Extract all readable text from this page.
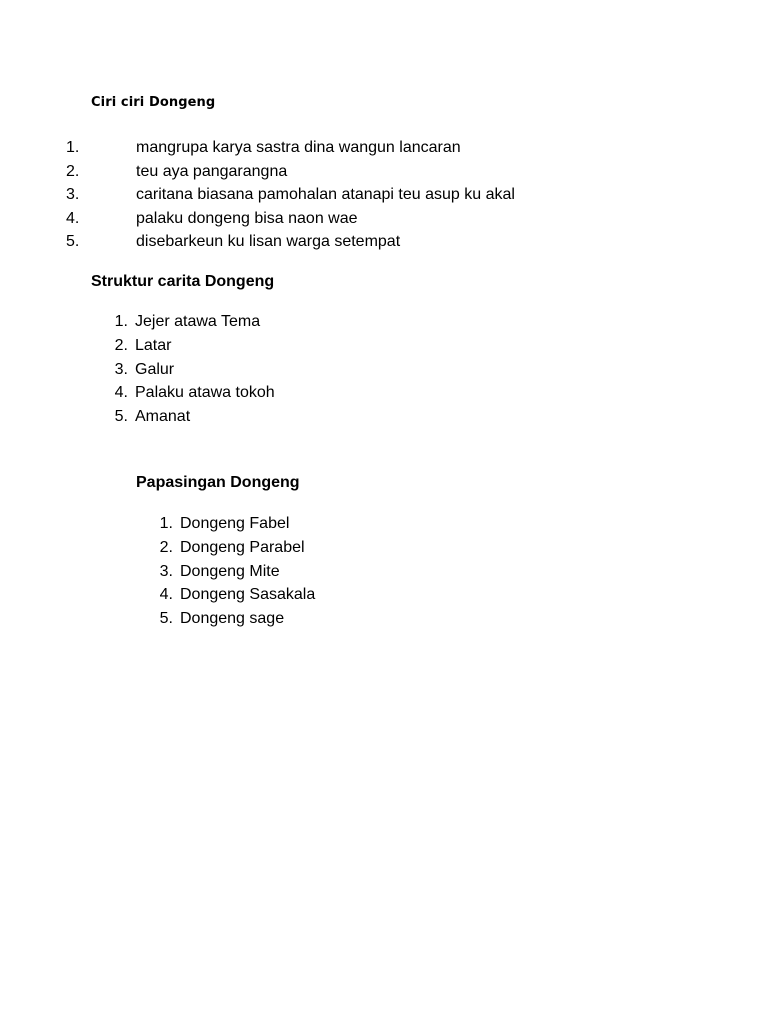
Ciri ciri Dongeng
1.	mangrupa karya sastra dina wangun lancaran
2.	teu aya pangarangna
3.	caritana biasana pamohalan atanapi teu asup ku akal
4.	palaku dongeng bisa naon wae
5.	disebarkeun ku lisan warga setempat
Struktur carita Dongeng
1. Jejer atawa Tema
2. Latar
3. Galur
4. Palaku atawa tokoh
5. Amanat
Papasingan Dongeng
1. Dongeng Fabel
2. Dongeng Parabel
3. Dongeng Mite
4. Dongeng Sasakala
5. Dongeng sage
